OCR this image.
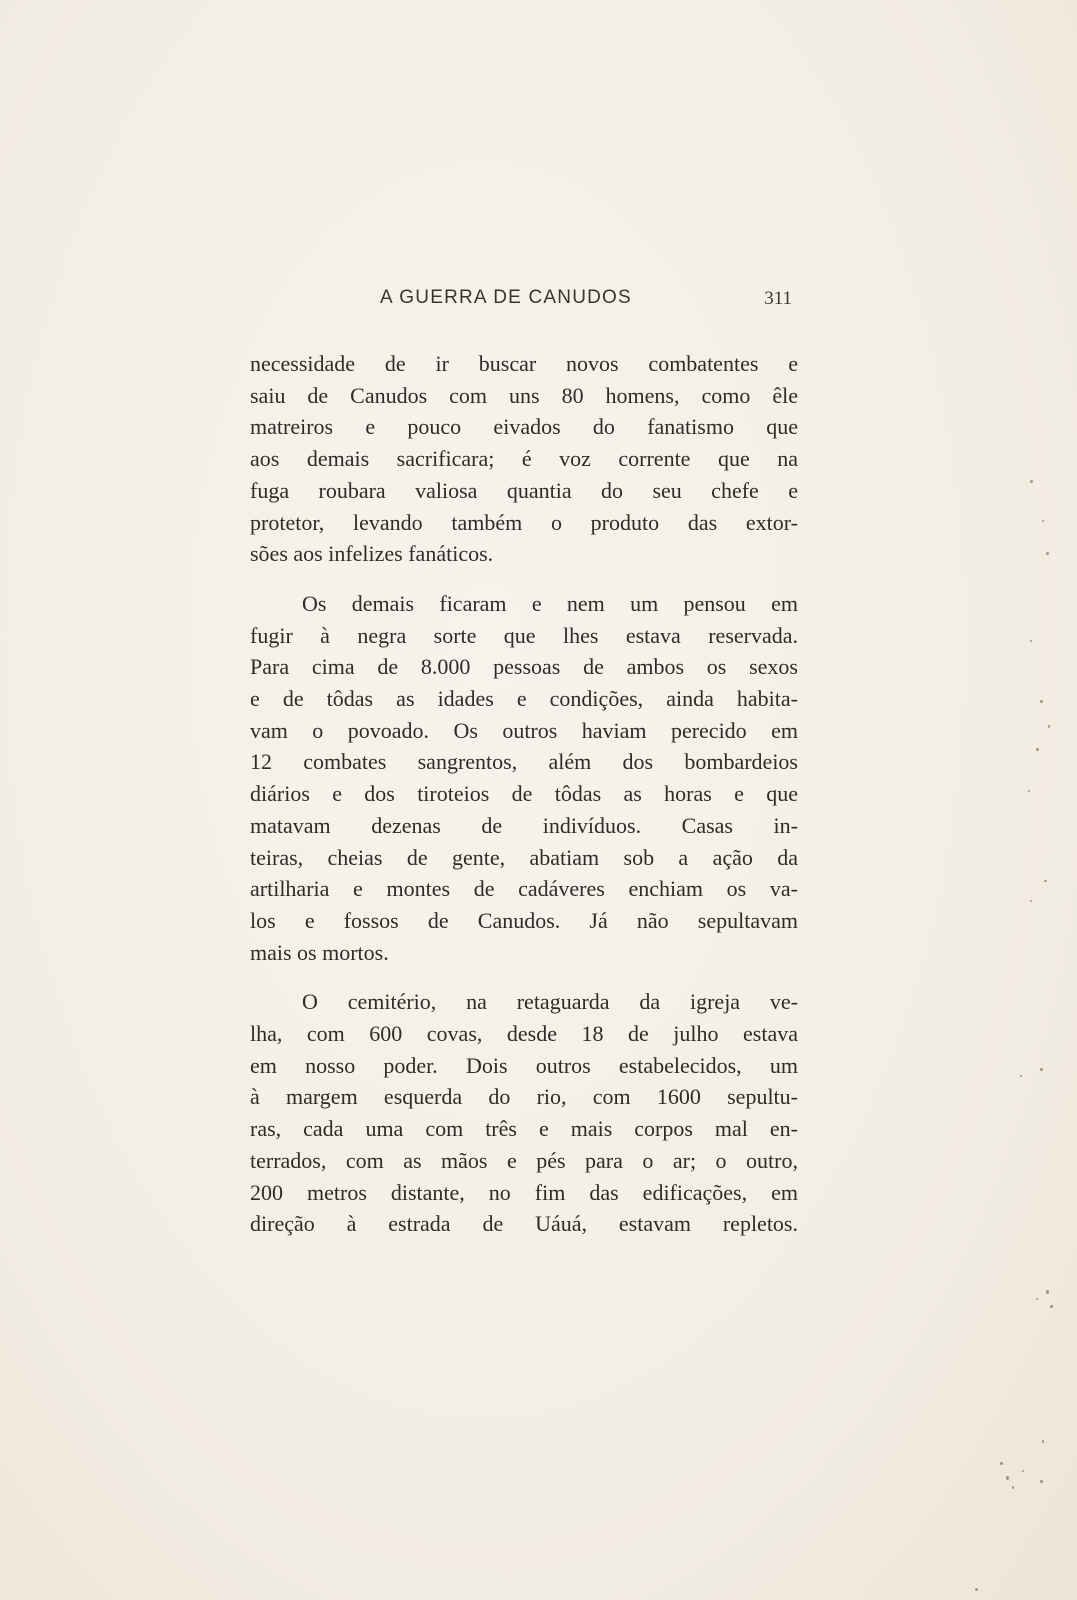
A GUERRA DE CANUDOS	311

necessidade de ir buscar novos combatentes e
saiu de Canudos com uns 80 homens, como êle
matreiros e pouco eivados do fanatismo que
aos demais sacrificara; é voz corrente que na
fuga roubara valiosa quantia do seu chefe e
protetor, levando também o produto das extor-
sões aos infelizes fanáticos.

Os demais ficaram e nem um pensou em
fugir à negra sorte que lhes estava reservada.
Para cima de 8.000 pessoas de ambos os sexos
e de tôdas as idades e condições, ainda habita-
vam o povoado. Os outros haviam perecido em
12 combates sangrentos, além dos bombardeios
diários e dos tiroteios de tôdas as horas e que
matavam dezenas de indivíduos. Casas in-
teiras, cheias de gente, abatiam sob a ação da
artilharia e montes de cadáveres enchiam os va-
los e fossos de Canudos. Já não sepultavam
mais os mortos.

O cemitério, na retaguarda da igreja ve-
lha, com 600 covas, desde 18 de julho estava
em nosso poder. Dois outros estabelecidos, um
à margem esquerda do rio, com 1600 sepultu-
ras, cada uma com três e mais corpos mal en-
terrados, com as mãos e pés para o ar; o outro,
200 metros distante, no fim das edificações, em
direção à estrada de Uáuá, estavam repletos.
